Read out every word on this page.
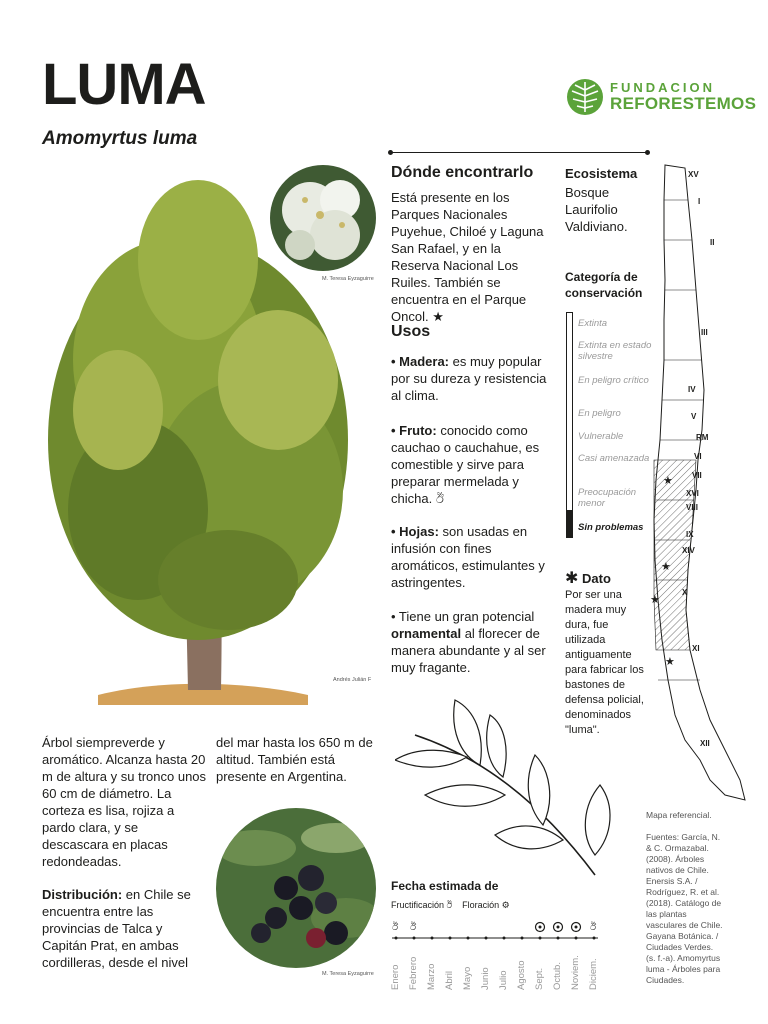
LUMA
Amomyrtus luma
FUNDACION
REFORESTEMOS
Andrés Julián F
M. Teresa Eyzaguirre
M. Teresa Eyzaguirre
Árbol siempreverde y aromático. Alcanza hasta 20 m de altura y su tronco unos 60 cm de diámetro. La corteza es lisa, rojiza a pardo clara, y se descascara en placas redondeadas.
Distribución: en Chile se encuentra entre las provincias de Talca y Capitán Prat, en ambas cordilleras, desde el nivel
del mar hasta los 650 m de altitud. También está presente en Argentina.
Dónde encontrarlo
Está presente en los Parques Nacionales Puyehue, Chiloé y Laguna San Rafael, y en la Reserva Nacional Los Ruiles. También se encuentra en el Parque Oncol. ★
Usos
• Madera: es muy popular por su dureza y resistencia al clima.
• Fruto: conocido como cauchao o cauchahue, es comestible y sirve para preparar mermelada y chicha. ඊ
• Hojas: son usadas en infusión con fines aromáticos, estimulantes y astringentes.
• Tiene un gran potencial ornamental al florecer de manera abundante y al ser muy fragante.
Ecosistema
Bosque Laurifolio Valdiviano.
Categoría de conservación
Extinta
Extinta en estado silvestre
En peligro crítico
En peligro
Vulnerable
Casi amenazada
Preocupación menor
Sin problemas
✱ Dato
Por ser una madera muy dura, fue utilizada antiguamente para fabricar los bastones de defensa policial, denominados "luma".
★
★
★
★
XV
I
II
III
IV
V
RM
VI
VII
XVI
VIII
IX
XIV
X
XI
XII
Mapa referencial.
Fuentes: García, N. & C. Ormazabal. (2008). Árboles nativos de Chile. Enersis S.A. / Rodríguez, R. et al. (2018). Catálogo de las plantas vasculares de Chile. Gayana Botánica. / Ciudades Verdes. (s. f.-a). Amomyrtus luma - Árboles para Ciudades.
Fecha estimada de
Fructificación ඊ Floración ⚙
ඊ ඊ	ඊ
Enero Febrero Marzo Abril Mayo Junio Julio Agosto Sept. Octub. Noviem. Diciem.
